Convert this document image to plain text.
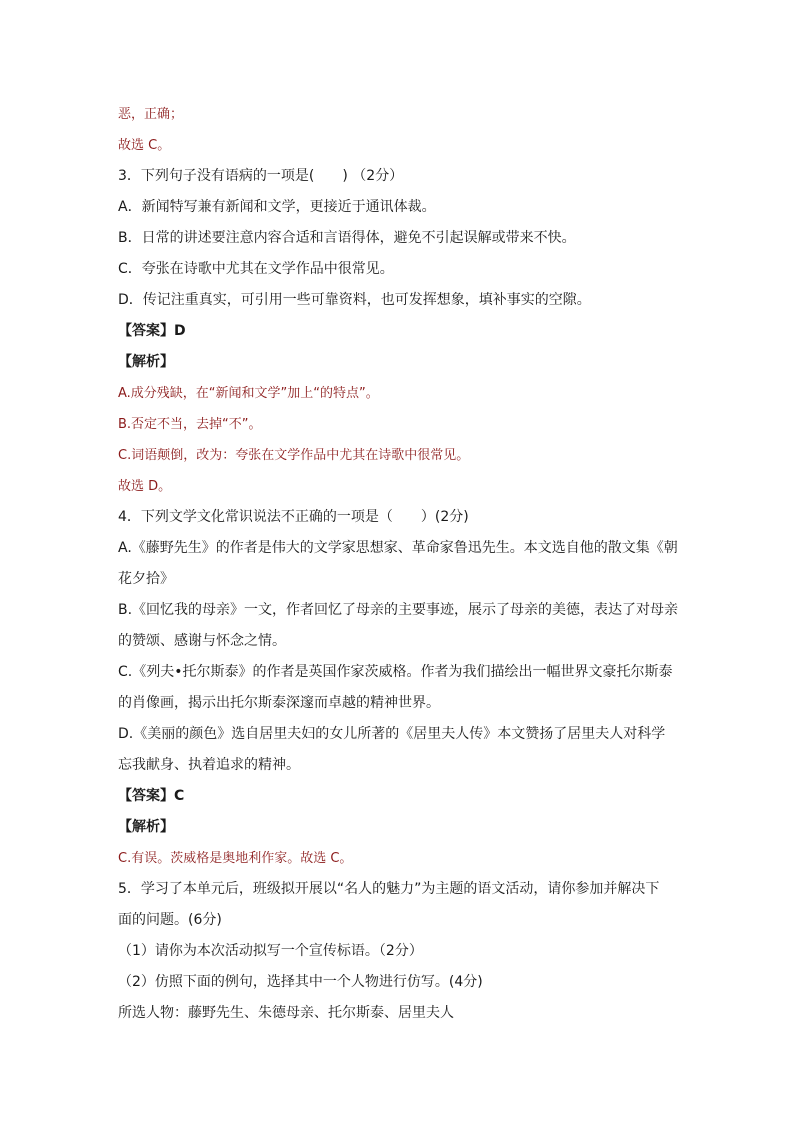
恶，正确；

故选 C。

3．下列句子没有语病的一项是(　　) （2分）

A．新闻特写兼有新闻和文学，更接近于通讯体裁。

B．日常的讲述要注意内容合适和言语得体，避免不引起误解或带来不快。

C．夸张在诗歌中尤其在文学作品中很常见。

D．传记注重真实，可引用一些可靠资料，也可发挥想象，填补事实的空隙。

【答案】D

【解析】

A.成分残缺，在“新闻和文学”加上“的特点”。

B.否定不当，去掉“不”。

C.词语颠倒，改为：夸张在文学作品中尤其在诗歌中很常见。

故选 D。

4．下列文学文化常识说法不正确的一项是（　　）(2分)

A.《藤野先生》的作者是伟大的文学家思想家、革命家鲁迅先生。本文选自他的散文集《朝

花夕拾》

B.《回忆我的母亲》一文，作者回忆了母亲的主要事迹，展示了母亲的美德，表达了对母亲

的赞颂、感谢与怀念之情。

C.《列夫•托尔斯泰》的作者是英国作家茨威格。作者为我们描绘出一幅世界文豪托尔斯泰

的肖像画，揭示出托尔斯泰深邃而卓越的精神世界。

D.《美丽的颜色》选自居里夫妇的女儿所著的《居里夫人传》本文赞扬了居里夫人对科学

忘我献身、执着追求的精神。

【答案】C

【解析】

C.有误。茨威格是奥地利作家。故选 C。

5．学习了本单元后，班级拟开展以“名人的魅力”为主题的语文活动，请你参加并解决下

面的问题。(6分)

（1）请你为本次活动拟写一个宣传标语。（2分）

（2）仿照下面的例句，选择其中一个人物进行仿写。(4分)

所选人物：藤野先生、朱德母亲、托尔斯泰、居里夫人
